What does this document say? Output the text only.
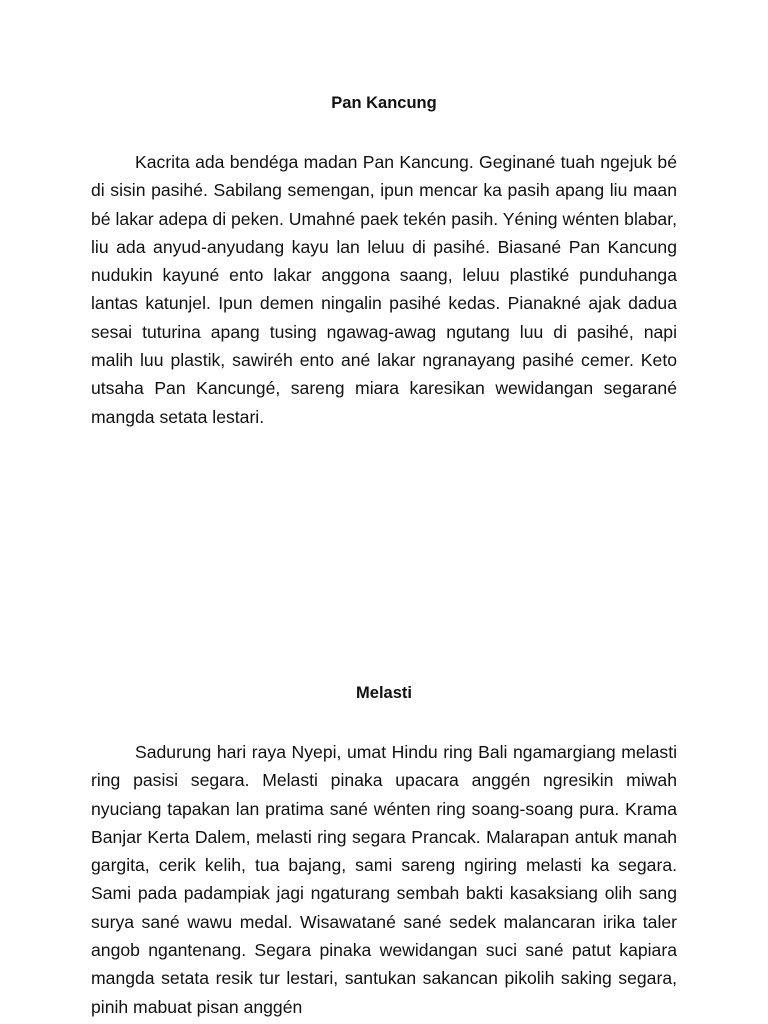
Pan Kancung

Kacrita ada bendéga madan Pan Kancung. Geginané tuah ngejuk bé di sisin pasihé. Sabilang semengan, ipun mencar ka pasih apang liu maan bé lakar adepa di peken. Umahné paek tekén pasih. Yéning wénten blabar, liu ada anyud-anyudang kayu lan leluu di pasihé. Biasané Pan Kancung nudukin kayuné ento lakar anggona saang, leluu plastiké punduhanga lantas katunjel. Ipun demen ningalin pasihé kedas. Pianakné ajak dadua sesai tuturina apang tusing ngawag-awag ngutang luu di pasihé, napi malih luu plastik, sawiréh ento ané lakar ngranayang pasihé cemer. Keto utsaha Pan Kancungé, sareng miara karesikan wewidangan segarané mangda setata lestari.

Melasti

Sadurung hari raya Nyepi, umat Hindu ring Bali ngamargiang melasti ring pasisi segara. Melasti pinaka upacara anggén ngresikin miwah nyuciang tapakan lan pratima sané wénten ring soang-soang pura. Krama Banjar Kerta Dalem, melasti ring segara Prancak. Malarapan antuk manah gargita, cerik kelih, tua bajang, sami sareng ngiring melasti ka segara. Sami pada padampiak jagi ngaturang sembah bakti kasaksiang olih sang surya sané wawu medal. Wisawatané sané sedek malancaran irika taler angob ngantenang. Segara pinaka wewidangan suci sané patut kapiara mangda setata resik tur lestari, santukan sakancan pikolih saking segara, pinih mabuat pisan anggén
